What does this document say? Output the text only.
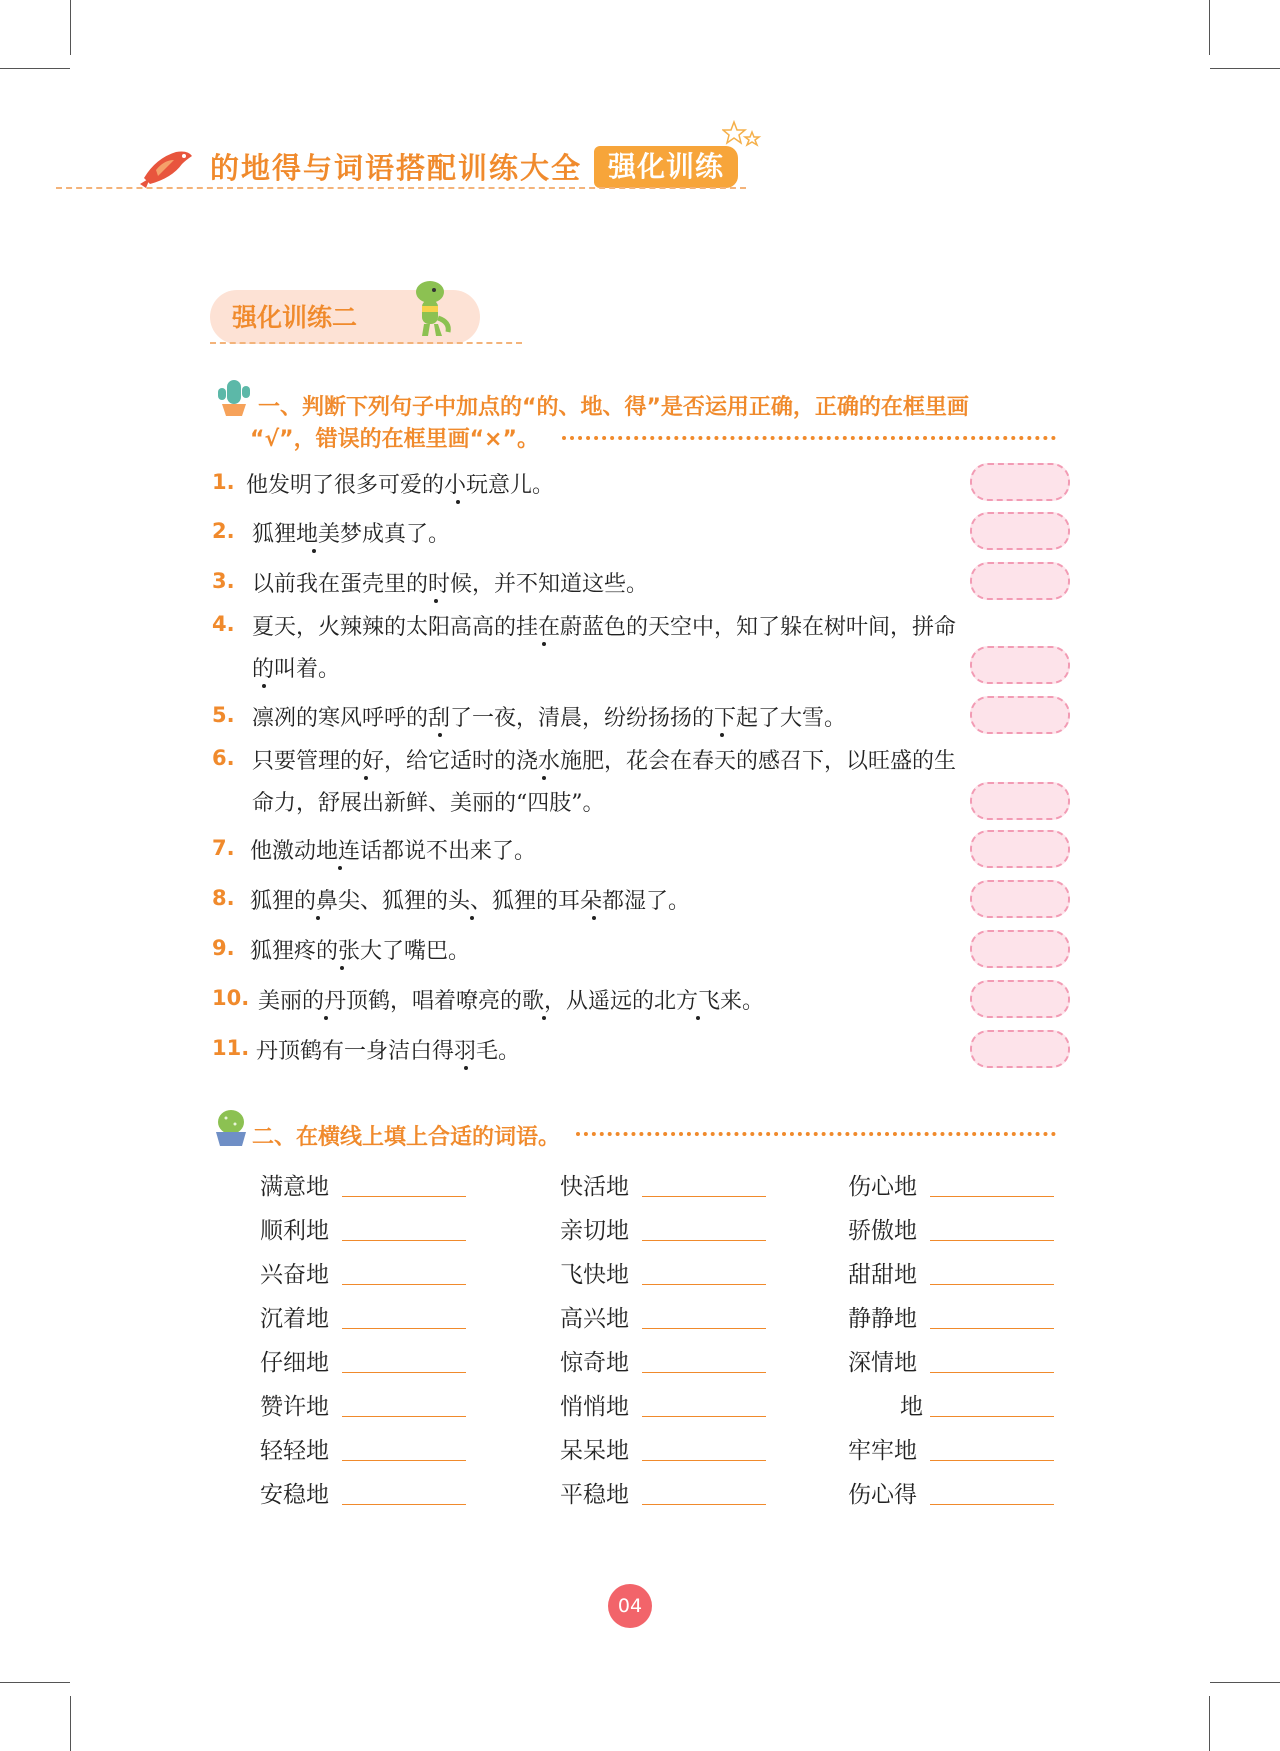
的地得与词语搭配训练大全 强化训练
强化训练二
一、判断下列句子中加点的“的、地、得”是否运用正确，正确的在框里画
“√”，错误的在框里画“×”。
1. 他发明了很多可爱的小玩意儿。
2. 狐狸地美梦成真了。
3. 以前我在蛋壳里的时候，并不知道这些。
4. 夏天，火辣辣的太阳高高的挂在蔚蓝色的天空中，知了躲在树叶间，拼命
的叫着。
5. 凛冽的寒风呼呼的刮了一夜，清晨，纷纷扬扬的下起了大雪。
6. 只要管理的好，给它适时的浇水施肥，花会在春天的感召下，以旺盛的生
命力，舒展出新鲜、美丽的“四肢”。
7. 他激动地连话都说不出来了。
8. 狐狸的鼻尖、狐狸的头、狐狸的耳朵都湿了。
9. 狐狸疼的张大了嘴巴。
10. 美丽的丹顶鹤，唱着嘹亮的歌，从遥远的北方飞来。
11. 丹顶鹤有一身洁白得羽毛。
二、在横线上填上合适的词语。
满意地	快活地	伤心地
顺利地	亲切地	骄傲地
兴奋地	飞快地	甜甜地
沉着地	高兴地	静静地
仔细地	惊奇地	深情地
赞许地	悄悄地	地
轻轻地	呆呆地	牢牢地
安稳地	平稳地	伤心得
04
